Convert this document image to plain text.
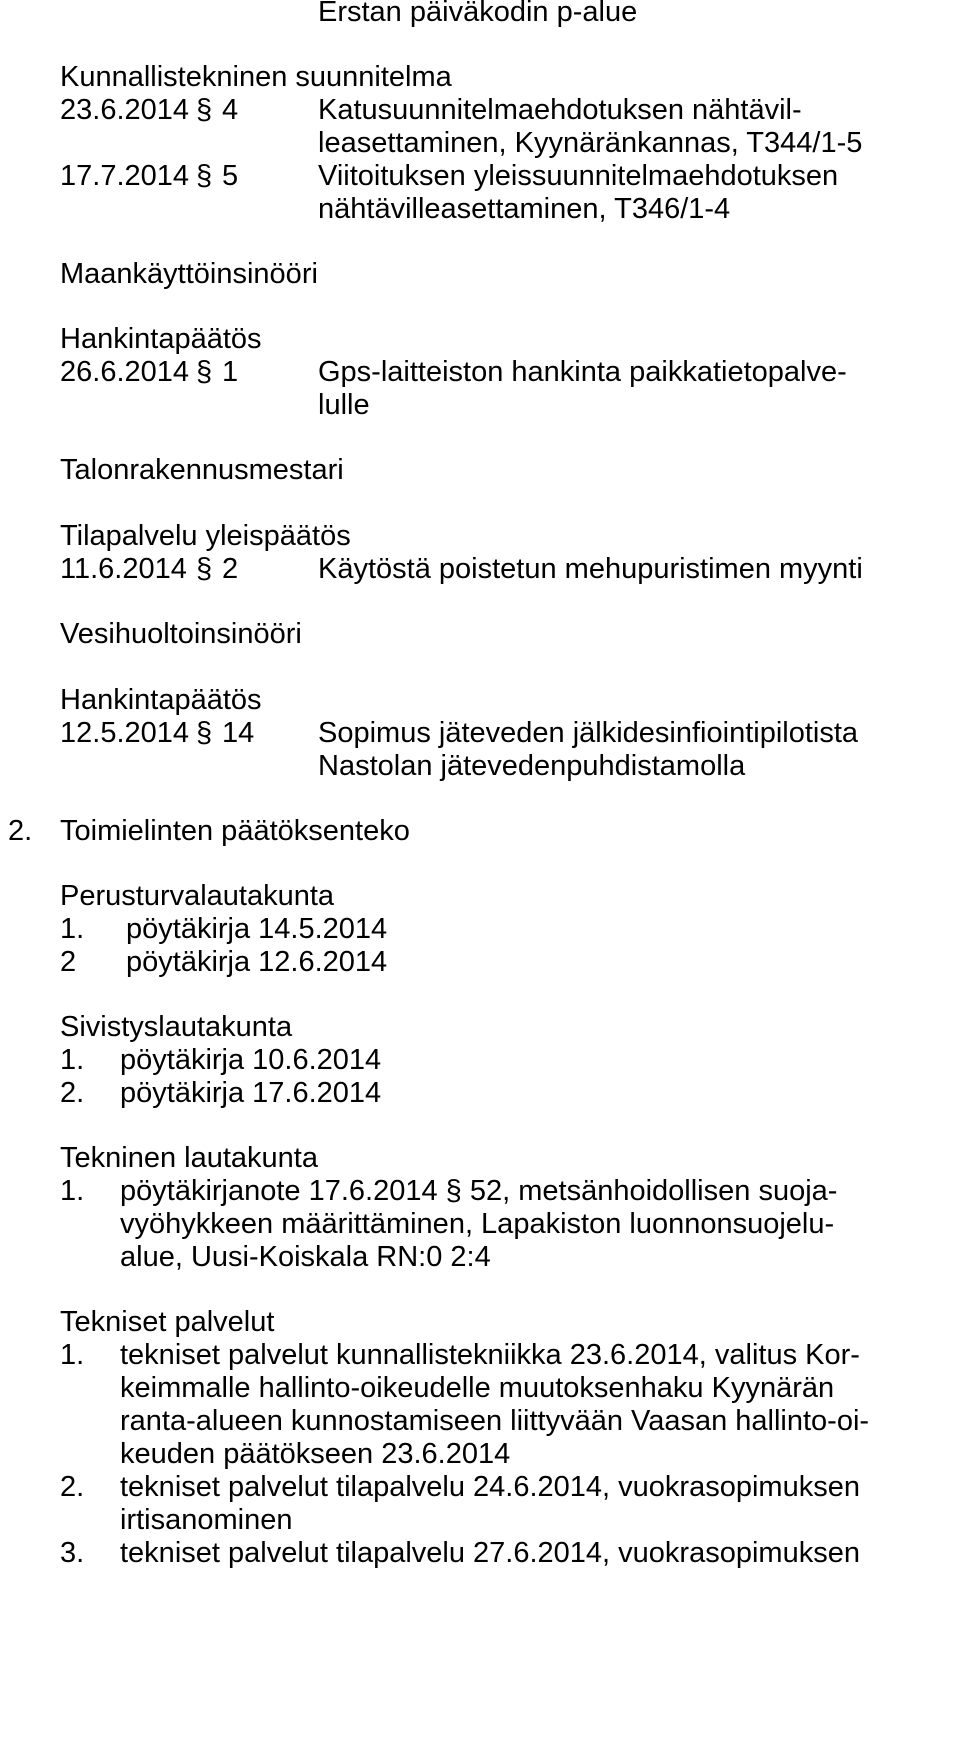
Erstan päiväkodin p-alue
Kunnallistekninen suunnitelma
23.6.2014 § 4	Katusuunnitelmaehdotuksen nähtävil-
leasettaminen, Kyynäränkannas, T344/1-5
17.7.2014 § 5	Viitoituksen yleissuunnitelmaehdotuksen
nähtävilleasettaminen, T346/1-4
Maankäyttöinsinööri
Hankintapäätös
26.6.2014 § 1	Gps-laitteiston hankinta paikkatietopalve-
lulle
Talonrakennusmestari
Tilapalvelu yleispäätös
11.6.2014 § 2	Käytöstä poistetun mehupuristimen myynti
Vesihuoltoinsinööri
Hankintapäätös
12.5.2014 § 14 Sopimus jäteveden jälkidesinfiointipilotista
Nastolan jätevedenpuhdistamolla
2. Toimielinten päätöksenteko
Perusturvalautakunta
1. pöytäkirja 14.5.2014
2 pöytäkirja 12.6.2014
Sivistyslautakunta
1. pöytäkirja 10.6.2014
2. pöytäkirja 17.6.2014
Tekninen lautakunta
1. pöytäkirjanote 17.6.2014 § 52, metsänhoidollisen suoja-
vyöhykkeen määrittäminen, Lapakiston luonnonsuojelu-
alue, Uusi-Koiskala RN:0 2:4
Tekniset palvelut
1. tekniset palvelut kunnallistekniikka 23.6.2014, valitus Kor-
keimmalle hallinto-oikeudelle muutoksenhaku Kyynärän
ranta-alueen kunnostamiseen liittyvään Vaasan hallinto-oi-
keuden päätökseen 23.6.2014
2. tekniset palvelut tilapalvelu 24.6.2014, vuokrasopimuksen
irtisanominen
3. tekniset palvelut tilapalvelu 27.6.2014, vuokrasopimuksen
